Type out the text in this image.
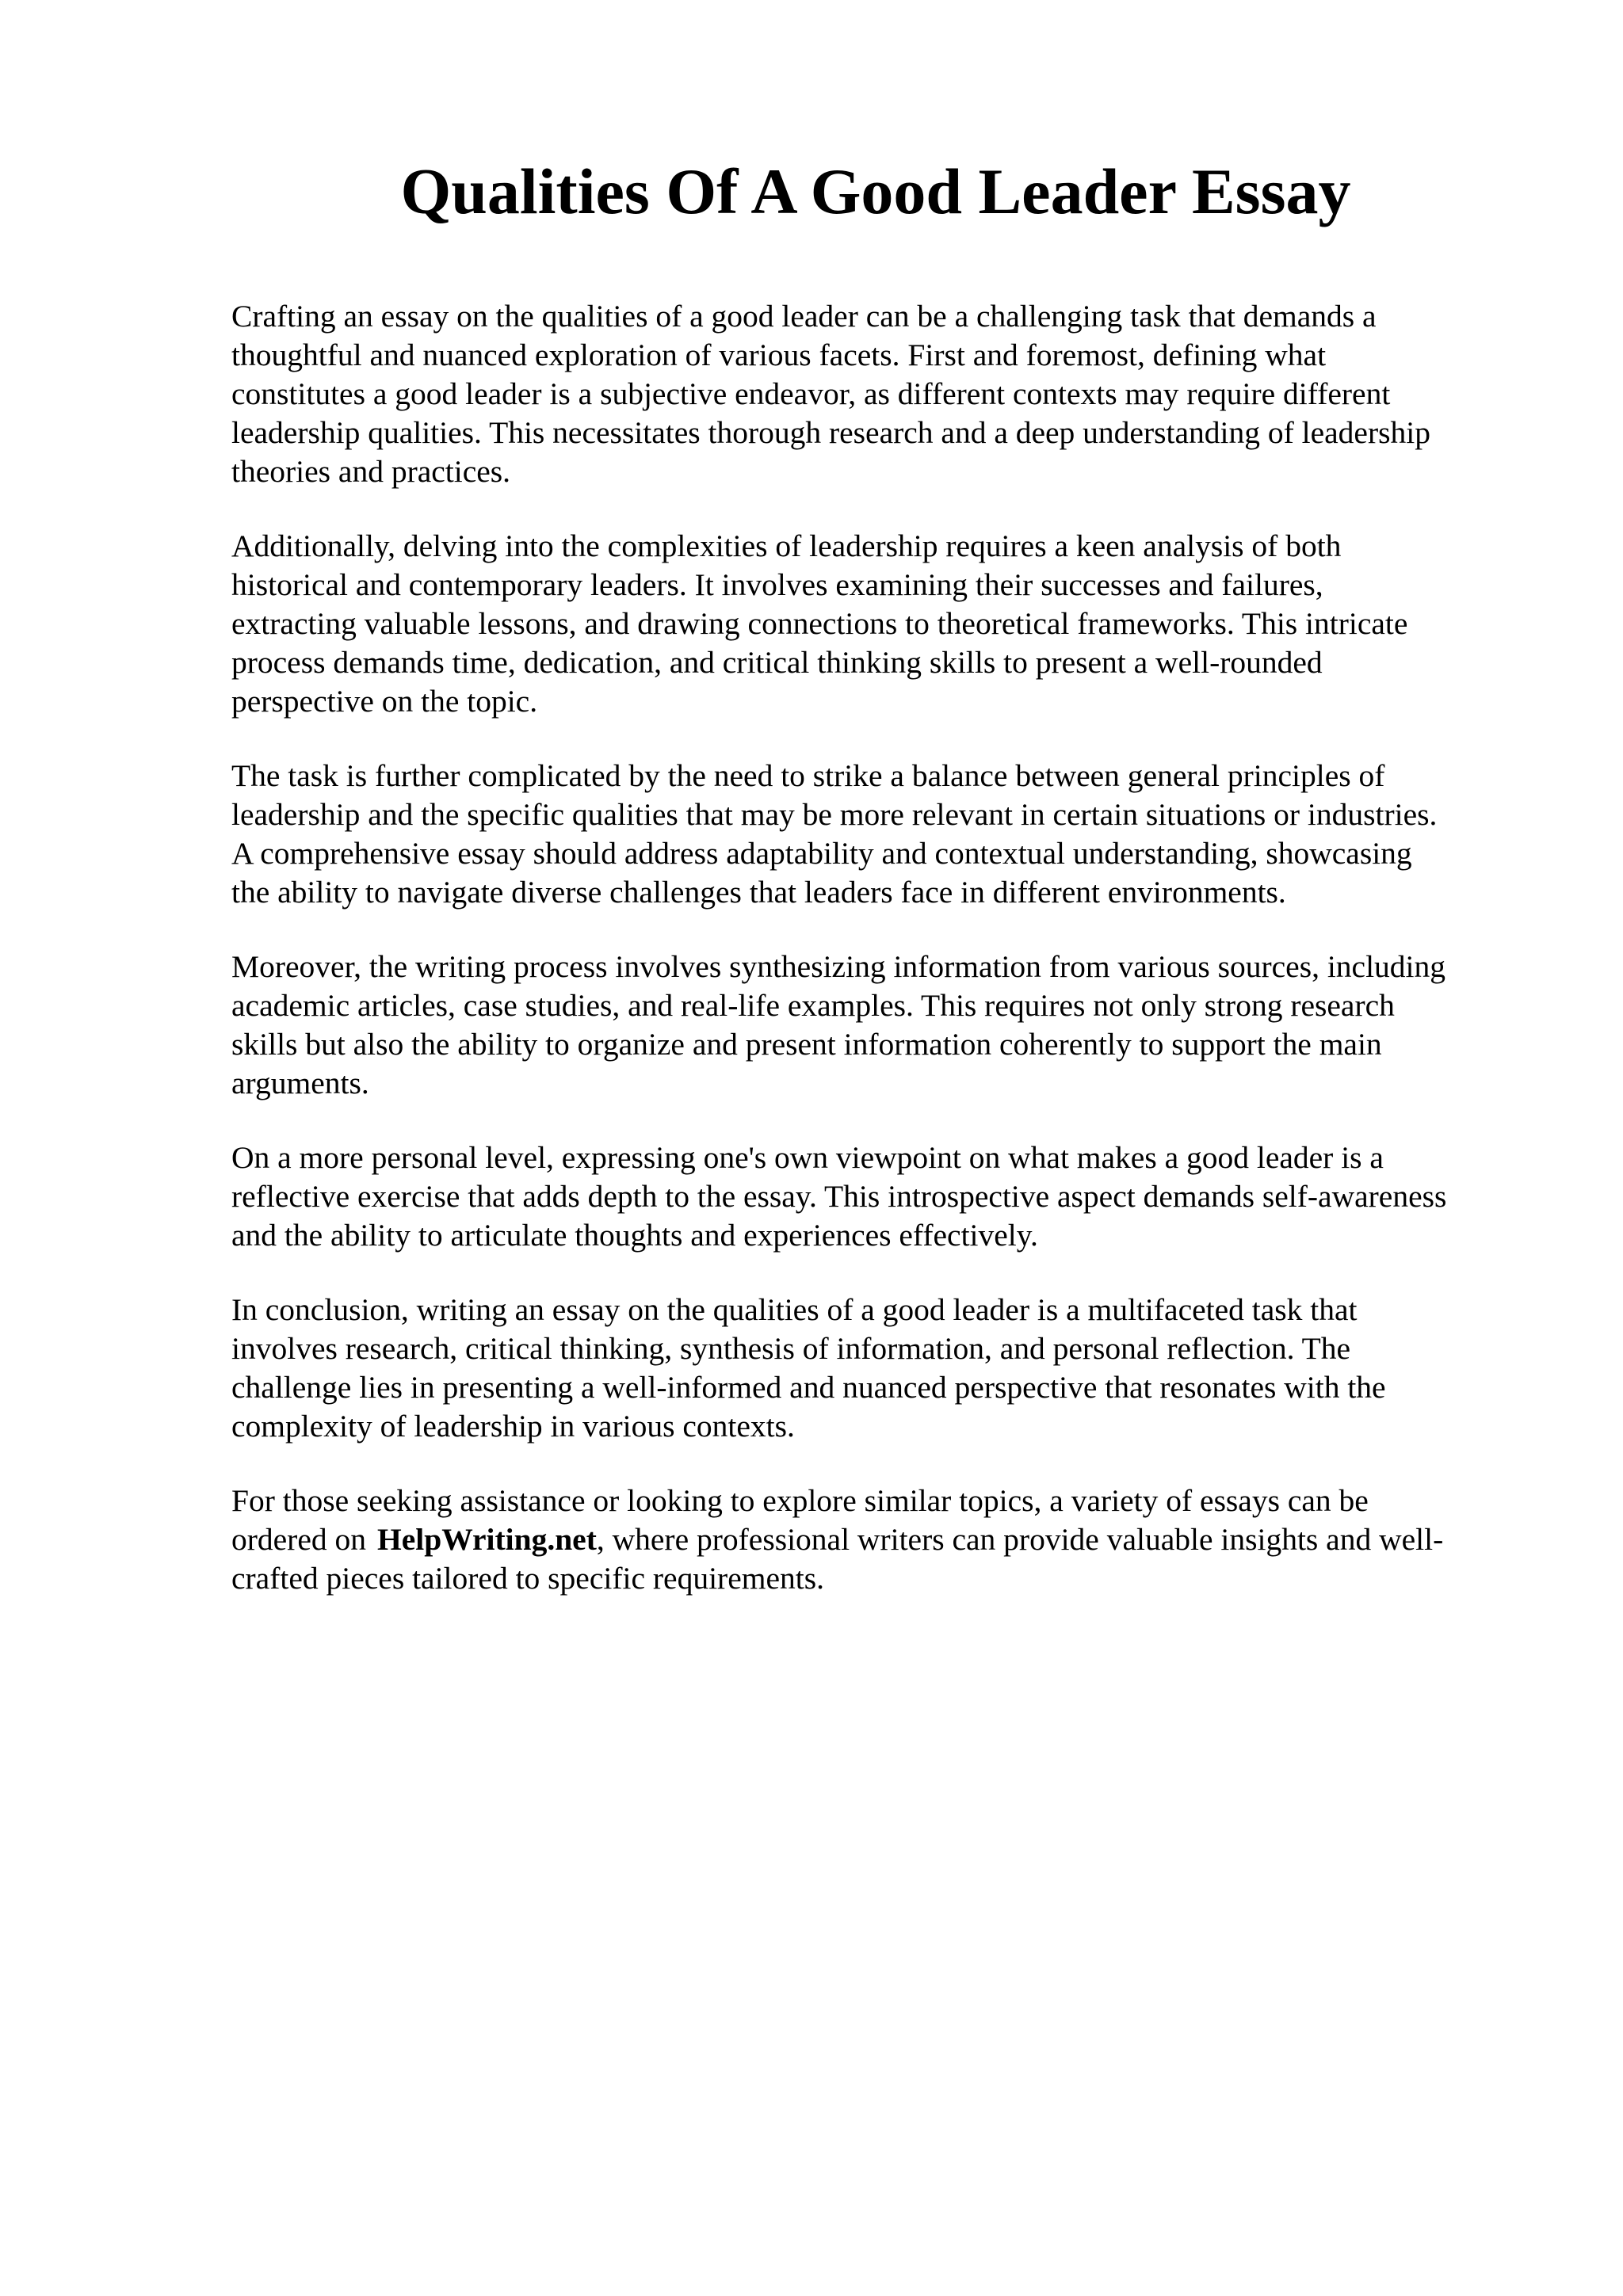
Qualities Of A Good Leader Essay

Crafting an essay on the qualities of a good leader can be a challenging task that demands a
thoughtful and nuanced exploration of various facets. First and foremost, defining what
constitutes a good leader is a subjective endeavor, as different contexts may require different
leadership qualities. This necessitates thorough research and a deep understanding of leadership
theories and practices.

Additionally, delving into the complexities of leadership requires a keen analysis of both
historical and contemporary leaders. It involves examining their successes and failures,
extracting valuable lessons, and drawing connections to theoretical frameworks. This intricate
process demands time, dedication, and critical thinking skills to present a well-rounded
perspective on the topic.

The task is further complicated by the need to strike a balance between general principles of
leadership and the specific qualities that may be more relevant in certain situations or industries.
A comprehensive essay should address adaptability and contextual understanding, showcasing
the ability to navigate diverse challenges that leaders face in different environments.

Moreover, the writing process involves synthesizing information from various sources, including
academic articles, case studies, and real-life examples. This requires not only strong research
skills but also the ability to organize and present information coherently to support the main
arguments.

On a more personal level, expressing one's own viewpoint on what makes a good leader is a
reflective exercise that adds depth to the essay. This introspective aspect demands self-awareness
and the ability to articulate thoughts and experiences effectively.

In conclusion, writing an essay on the qualities of a good leader is a multifaceted task that
involves research, critical thinking, synthesis of information, and personal reflection. The
challenge lies in presenting a well-informed and nuanced perspective that resonates with the
complexity of leadership in various contexts.

For those seeking assistance or looking to explore similar topics, a variety of essays can be
ordered on HelpWriting.net, where professional writers can provide valuable insights and well-
crafted pieces tailored to specific requirements.
